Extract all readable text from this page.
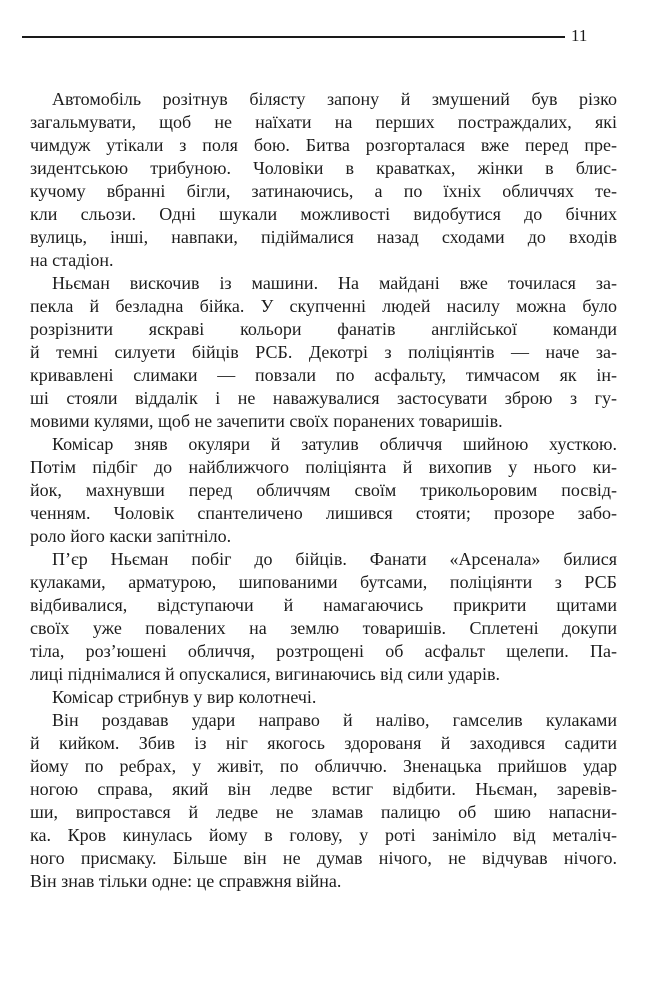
11
Автомобіль розітнув білясту запону й змушений був різко
загальмувати, щоб не наїхати на перших постраждалих, які
чимдуж утікали з поля бою. Битва розгорталася вже перед пре-
зидентською трибуною. Чоловіки в краватках, жінки в блис-
кучому вбранні бігли, затинаючись, а по їхніх обличчях те-
кли сльози. Одні шукали можливості видобутися до бічних
вулиць, інші, навпаки, підіймалися назад сходами до входів
на стадіон.
Ньєман вискочив із машини. На майдані вже точилася за-
пекла й безладна бійка. У скупченні людей насилу можна було
розрізнити яскраві кольори фанатів англійської команди
й темні силуети бійців РСБ. Декотрі з поліціянтів — наче за-
кривавлені слимаки — повзали по асфальту, тимчасом як ін-
ші стояли віддалік і не наважувалися застосувати зброю з гу-
мовими кулями, щоб не зачепити своїх поранених товаришів.
Комісар зняв окуляри й затулив обличчя шийною хусткою.
Потім підбіг до найближчого поліціянта й вихопив у нього ки-
йок, махнувши перед обличчям своїм трикольоровим посвід-
ченням. Чоловік спантеличено лишився стояти; прозоре забо-
роло його каски запітніло.
П’єр Ньєман побіг до бійців. Фанати «Арсенала» билися
кулаками, арматурою, шипованими бутсами, поліціянти з РСБ
відбивалися, відступаючи й намагаючись прикрити щитами
своїх уже повалених на землю товаришів. Сплетені докупи
тіла, роз’юшені обличчя, розтрощені об асфальт щелепи. Па-
лиці піднімалися й опускалися, вигинаючись від сили ударів.
Комісар стрибнув у вир колотнечі.
Він роздавав удари направо й наліво, гамселив кулаками
й кийком. Збив із ніг якогось здорованя й заходився садити
йому по ребрах, у живіт, по обличчю. Зненацька прийшов удар
ногою справа, який він ледве встиг відбити. Ньєман, заревів-
ши, випростався й ледве не зламав палицю об шию напасни-
ка. Кров кинулась йому в голову, у роті заніміло від металіч-
ного присмаку. Більше він не думав нічого, не відчував нічого.
Він знав тільки одне: це справжня війна.
